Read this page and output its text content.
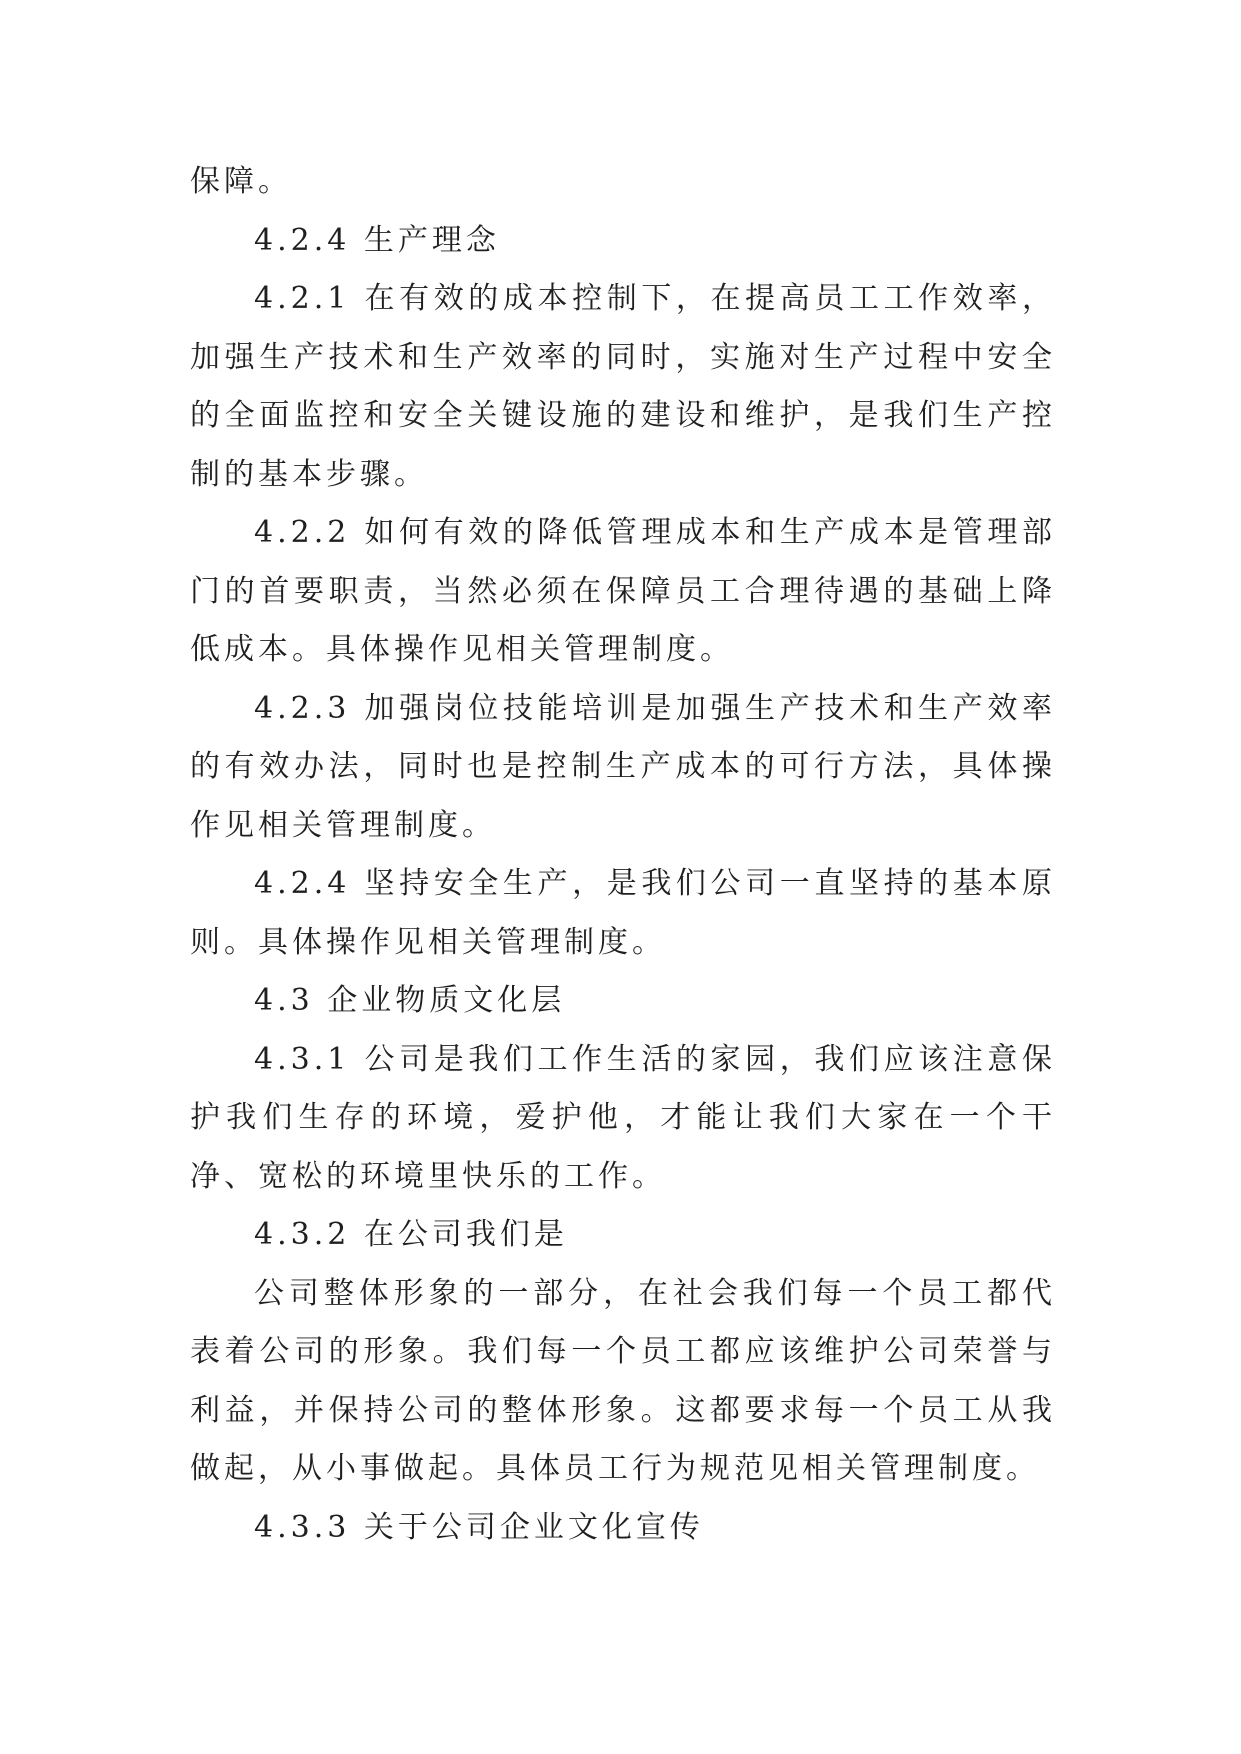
保障。

4.2.4 生产理念

4.2.1 在有效的成本控制下，在提高员工工作效率，加强生产技术和生产效率的同时，实施对生产过程中安全的全面监控和安全关键设施的建设和维护，是我们生产控制的基本步骤。

4.2.2 如何有效的降低管理成本和生产成本是管理部门的首要职责，当然必须在保障员工合理待遇的基础上降低成本。具体操作见相关管理制度。

4.2.3 加强岗位技能培训是加强生产技术和生产效率的有效办法，同时也是控制生产成本的可行方法，具体操作见相关管理制度。

4.2.4 坚持安全生产，是我们公司一直坚持的基本原则。具体操作见相关管理制度。

4.3 企业物质文化层

4.3.1 公司是我们工作生活的家园，我们应该注意保护我们生存的环境，爱护他，才能让我们大家在一个干净、宽松的环境里快乐的工作。

4.3.2 在公司我们是

公司整体形象的一部分，在社会我们每一个员工都代表着公司的形象。我们每一个员工都应该维护公司荣誉与利益，并保持公司的整体形象。这都要求每一个员工从我做起，从小事做起。具体员工行为规范见相关管理制度。

4.3.3 关于公司企业文化宣传
